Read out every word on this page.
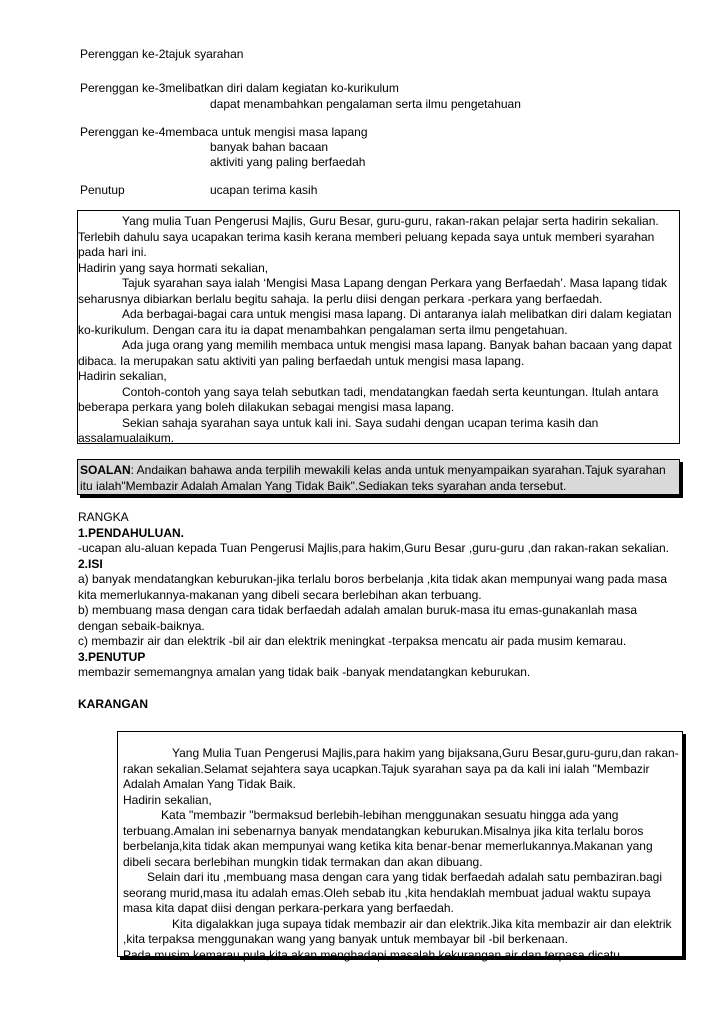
Perenggan ke-2tajuk syarahan
Perenggan ke-3melibatkan diri dalam kegiatan ko-kurikulum
dapat menambahkan pengalaman serta ilmu pengetahuan
Perenggan ke-4membaca untuk mengisi masa lapang
banyak bahan bacaan
aktiviti yang paling berfaedah
Penutup	ucapan terima kasih

Yang mulia Tuan Pengerusi Majlis, Guru Besar, guru-guru, rakan-rakan pelajar serta hadirin sekalian. Terlebih dahulu saya ucapakan terima kasih kerana memberi peluang kepada saya untuk memberi syarahan pada hari ini.

Hadirin yang saya hormati sekalian,

Tajuk syarahan saya ialah ‘Mengisi Masa Lapang dengan Perkara yang Berfaedah’. Masa lapang tidak seharusnya dibiarkan berlalu begitu sahaja. Ia perlu diisi dengan perkara -perkara yang berfaedah.

Ada berbagai-bagai cara untuk mengisi masa lapang. Di antaranya ialah melibatkan diri dalam kegiatan ko-kurikulum. Dengan cara itu ia dapat menambahkan pengalaman serta ilmu pengetahuan.

Ada juga orang yang memilih membaca untuk mengisi masa lapang. Banyak bahan bacaan yang dapat dibaca. Ia merupakan satu aktiviti yan paling berfaedah untuk mengisi masa lapang.

Hadirin sekalian,

Contoh-contoh yang saya telah sebutkan tadi, mendatangkan faedah serta keuntungan. Itulah antara beberapa perkara yang boleh dilakukan sebagai mengisi masa lapang.

Sekian sahaja syarahan saya untuk kali ini. Saya sudahi dengan ucapan terima kasih dan assalamualaikum.

SOALAN: Andaikan bahawa anda terpilih mewakili kelas anda untuk menyampaikan syarahan.Tajuk syarahan itu ialah"Membazir Adalah Amalan Yang Tidak Baik".Sediakan teks syarahan anda tersebut.

RANGKA

1.PENDAHULUAN.

-ucapan alu-aluan kepada Tuan Pengerusi Majlis,para hakim,Guru Besar ,guru-guru ,dan rakan-rakan sekalian.

2.ISI

a) banyak mendatangkan keburukan-jika terlalu boros berbelanja ,kita tidak akan mempunyai wang pada masa kita memerlukannya-makanan yang dibeli secara berlebihan akan terbuang.

b) membuang masa dengan cara tidak berfaedah adalah amalan buruk-masa itu emas-gunakanlah masa dengan sebaik-baiknya.

c) membazir air dan elektrik -bil air dan elektrik meningkat -terpaksa mencatu air pada musim kemarau.

3.PENUTUP

membazir sememangnya amalan yang tidak baik -banyak mendatangkan keburukan.

KARANGAN

Yang Mulia Tuan Pengerusi Majlis,para hakim yang bijaksana,Guru Besar,guru-guru,dan rakan-rakan sekalian.Selamat sejahtera saya ucapkan.Tajuk syarahan saya pa da kali ini ialah "Membazir Adalah Amalan Yang Tidak Baik.

Hadirin sekalian,

Kata "membazir "bermaksud berlebih-lebihan menggunakan sesuatu hingga ada yang terbuang.Amalan ini sebenarnya banyak mendatangkan keburukan.Misalnya jika kita terlalu boros berbelanja,kita tidak akan mempunyai wang ketika kita benar-benar memerlukannya.Makanan yang dibeli secara berlebihan mungkin tidak termakan dan akan dibuang.

Selain dari itu ,membuang masa dengan cara yang tidak berfaedah adalah satu pembaziran.bagi seorang murid,masa itu adalah emas.Oleh sebab itu ,kita hendaklah membuat jadual waktu supaya masa kita dapat diisi dengan perkara-perkara yang berfaedah.

Kita digalakkan juga supaya tidak membazir air dan elektrik.Jika kita membazir air dan elektrik ,kita terpaksa menggunakan wang yang banyak untuk membayar bil -bil berkenaan.

Pada musim kemarau pula,kita akan menghadapi masalah kekurangan air dan terpasa dicatu.
